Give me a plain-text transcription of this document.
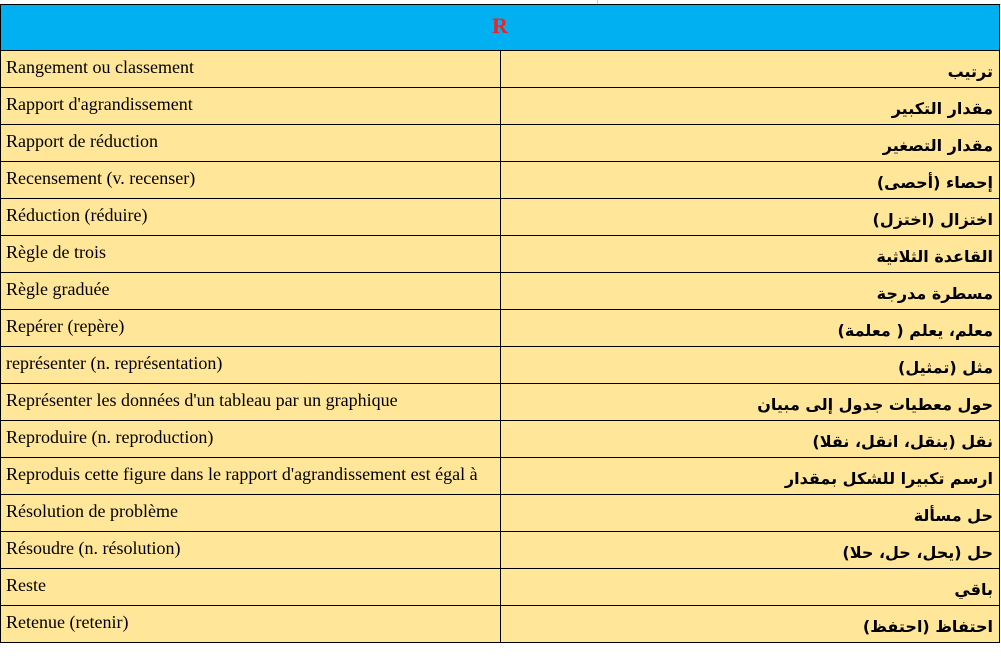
R	

Rangement ou classement	ترتيب

Rapport d'agrandissement	مقدار التكبير

Rapport de réduction	مقدار التصغير

Recensement (v. recenser)	إحصاء (أحصى)

Réduction (réduire)	اختزال (اختزل)

Règle de trois	القاعدة الثلاثية

Règle graduée	مسطرة مدرجة

Repérer (repère)	معلم، يعلم ( معلمة)

représenter (n. représentation)	مثل (تمثيل)

Représenter les données d'un tableau par un graphique	حول معطيات جدول إلى مبيان

Reproduire (n. reproduction)	نقل (ينقل، انقل، نقلا)

Reproduis cette figure dans le rapport d'agrandissement est égal à	ارسم تكبيرا للشكل بمقدار

Résolution de problème	حل مسألة

Résoudre (n. résolution)	حل (يحل، حل، حلا)

Reste	باقي

Retenue (retenir)	احتفاظ (احتفظ)
